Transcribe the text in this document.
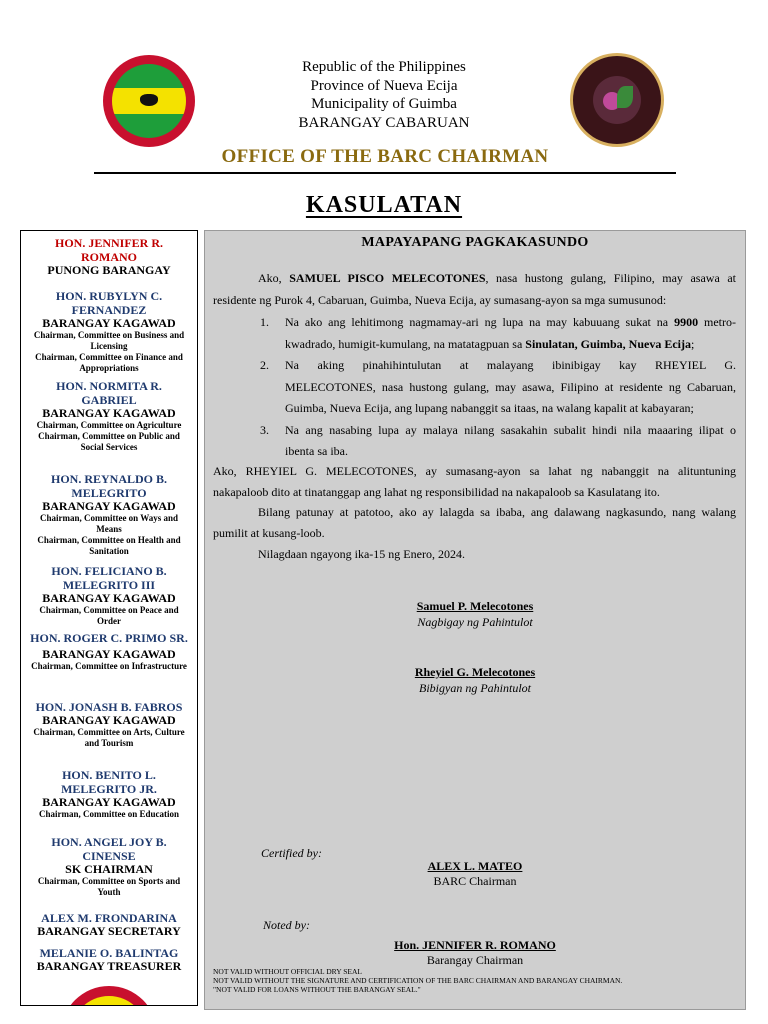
Republic of the Philippines
Province of Nueva Ecija
Municipality of Guimba
BARANGAY CABARUAN
OFFICE OF THE BARC CHAIRMAN
KASULATAN
HON. JENNIFER R. ROMANO
PUNONG BARANGAY
HON. RUBYLYN C. FERNANDEZ
BARANGAY KAGAWAD
Chairman, Committee on Business and Licensing
Chairman, Committee on Finance and Appropriations
HON. NORMITA R. GABRIEL
BARANGAY KAGAWAD
Chairman, Committee on Agriculture
Chairman, Committee on Public and Social Services
HON. REYNALDO B. MELEGRITO
BARANGAY KAGAWAD
Chairman, Committee on Ways and Means
Chairman, Committee on Health and Sanitation
HON. FELICIANO B. MELEGRITO III
BARANGAY KAGAWAD
Chairman, Committee on Peace and Order
HON. ROGER C. PRIMO SR.
BARANGAY KAGAWAD
Chairman, Committee on Infrastructure
HON. JONASH B. FABROS
BARANGAY KAGAWAD
Chairman, Committee on Arts, Culture and Tourism
HON. BENITO L. MELEGRITO JR.
BARANGAY KAGAWAD
Chairman, Committee on Education
HON. ANGEL JOY B. CINENSE
SK CHAIRMAN
Chairman, Committee on Sports and Youth
ALEX M. FRONDARINA
BARANGAY SECRETARY
MELANIE O. BALINTAG
BARANGAY TREASURER
MAPAYAPANG PAGKAKASUNDO
Ako, SAMUEL PISCO MELECOTONES, nasa hustong gulang, Filipino, may asawa at
residente ng Purok 4, Cabaruan, Guimba, Nueva Ecija, ay sumasang-ayon sa mga sumusunod:
1. Na ako ang lehitimong nagmamay-ari ng lupa na may kabuuang sukat na 9900 metro-
kwadrado, humigit-kumulang, na matatagpuan sa Sinulatan, Guimba, Nueva Ecija;
2. Na aking pinahihintulutan at malayang ibinibigay kay RHEYIEL G.
MELECOTONES, nasa hustong gulang, may asawa, Filipino at residente ng Cabaruan,
Guimba, Nueva Ecija, ang lupang nabanggit sa itaas, na walang kapalit at kabayaran;
3. Na ang nasabing lupa ay malaya nilang sasakahin subalit hindi nila maaaring ilipat o
ibenta sa iba.
Ako, RHEYIEL G. MELECOTONES, ay sumasang-ayon sa lahat ng nabanggit na alituntuning
nakapaloob dito at tinatanggap ang lahat ng responsibilidad na nakapaloob sa Kasulatang ito.
Bilang patunay at patotoo, ako ay lalagda sa ibaba, ang dalawang nagkasundo, nang walang
pumilit at kusang-loob.
Nilagdaan ngayong ika-15 ng Enero, 2024.
Samuel P. Melecotones
Nagbigay ng Pahintulot
Rheyiel G. Melecotones
Bibigyan ng Pahintulot
Certified by:
ALEX L. MATEO
BARC Chairman
Noted by:
Hon. JENNIFER R. ROMANO
Barangay Chairman
NOT VALID WITHOUT OFFICIAL DRY SEAL
NOT VALID WITHOUT THE SIGNATURE AND CERTIFICATION OF THE BARC CHAIRMAN AND BARANGAY CHAIRMAN.
"NOT VALID FOR LOANS WITHOUT THE BARANGAY SEAL."
